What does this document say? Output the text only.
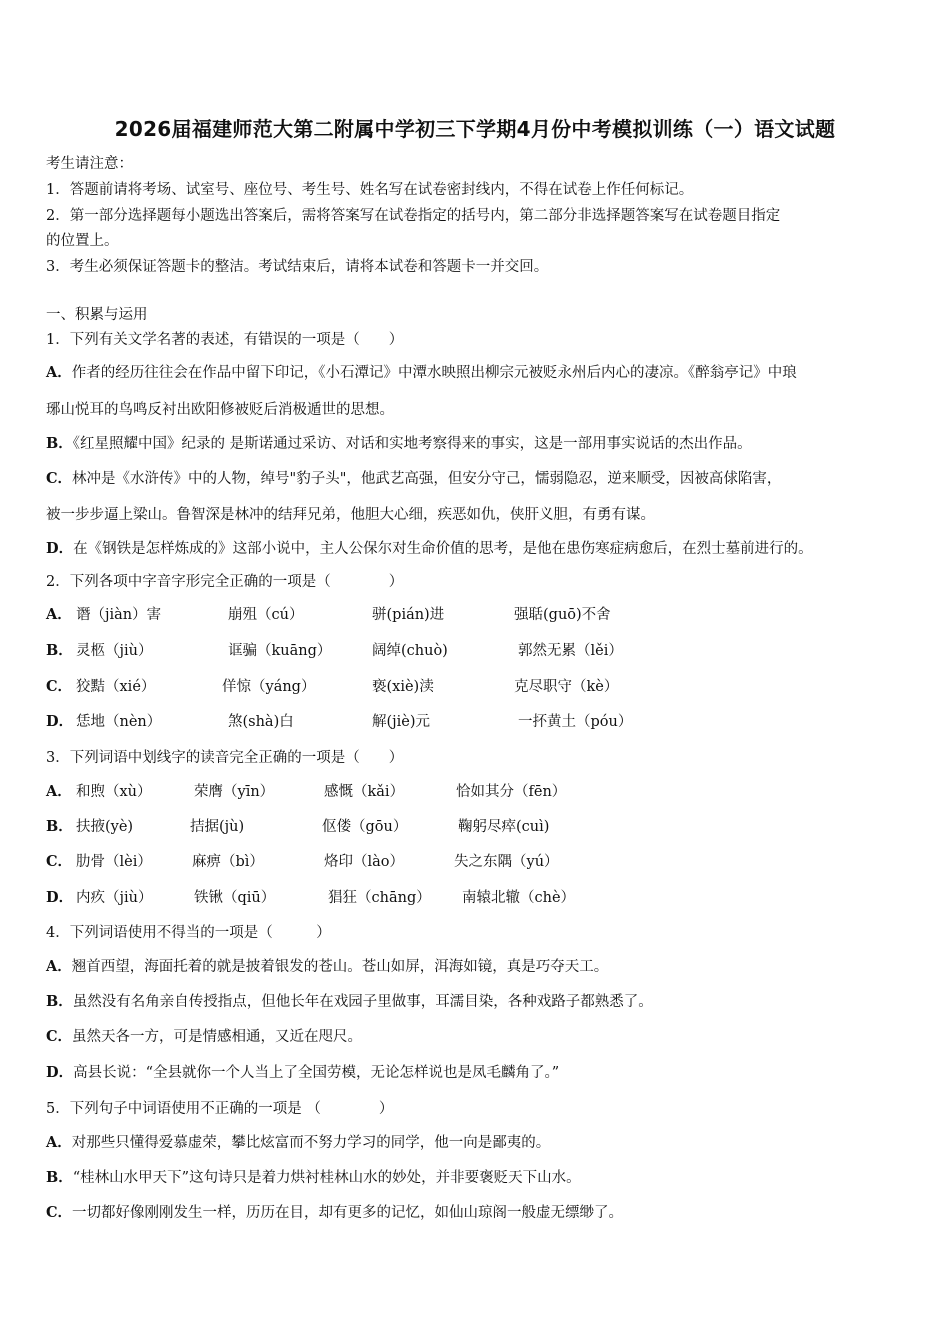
2026届福建师范大第二附属中学初三下学期4月份中考模拟训练（一）语文试题
考生请注意：
1．答题前请将考场、试室号、座位号、考生号、姓名写在试卷密封线内，不得在试卷上作任何标记。
2．第一部分选择题每小题选出答案后，需将答案写在试卷指定的括号内，第二部分非选择题答案写在试卷题目指定
的位置上。
3．考生必须保证答题卡的整洁。考试结束后，请将本试卷和答题卡一并交回。
一、积累与运用
1．下列有关文学名著的表述，有错误的一项是（　　）
A．作者的经历往往会在作品中留下印记，《小石潭记》中潭水映照出柳宗元被贬永州后内心的凄凉。《醉翁亭记》中琅
琊山悦耳的鸟鸣反衬出欧阳修被贬后消极遁世的思想。
B．《红星照耀中国》纪录的 是斯诺通过采访、对话和实地考察得来的事实，这是一部用事实说话的杰出作品。
C．林冲是《水浒传》中的人物，绰号"豹子头"，他武艺高强，但安分守己，懦弱隐忍，逆来顺受，因被高俅陷害，
被一步步逼上梁山。鲁智深是林冲的结拜兄弟，他胆大心细，疾恶如仇，侠肝义胆，有勇有谋。
D．在《钢铁是怎样炼成的》这部小说中，主人公保尔对生命价值的思考，是他在患伤寒症病愈后，在烈士墓前进行的。
2．下列各项中字音字形完全正确的一项是（　　　　）
A． 谮（jiàn）害	崩殂（cú）	骈(pián)进	强聒(guō)不舍
B． 灵柩（jiù）	诓骗（kuāng）	阔绰(chuò)	郭然无累（lěi）
C． 狡黠（xié）	佯惊（yáng）	亵(xiè)渎	克尽职守（kè）
D． 恁地（nèn）	煞(shà)白	解(jiè)元	一抔黄土（póu）
3．下列词语中划线字的读音完全正确的一项是（　　）
A． 和煦（xù）	荣膺（yīn）	感慨（kǎi）	恰如其分（fēn）
B． 扶掖(yè)	拮据(jù)	伛偻（gōu）	鞠躬尽瘁(cuì)
C． 肋骨（lèi）	麻痹（bì）	烙印（lào）	失之东隅（yú）
D． 内疚（jiù）	铁锹（qiū）	猖狂（chāng） 南辕北辙（chè）
4．下列词语使用不得当的一项是（　　　）
A．翘首西望，海面托着的就是披着银发的苍山。苍山如屏，洱海如镜，真是巧夺天工。
B．虽然没有名角亲自传授指点，但他长年在戏园子里做事，耳濡目染，各种戏路子都熟悉了。
C．虽然天各一方，可是情感相通，又近在咫尺。
D．高县长说：“全县就你一个人当上了全国劳模，无论怎样说也是凤毛麟角了。”
5．下列句子中词语使用不正确的一项是 （　　　　）
A．对那些只懂得爱慕虚荣，攀比炫富而不努力学习的同学，他一向是鄙夷的。
B．“桂林山水甲天下”这句诗只是着力烘衬桂林山水的妙处，并非要褒贬天下山水。
C．一切都好像刚刚发生一样，历历在目，却有更多的记忆，如仙山琼阁一般虚无缥缈了。
